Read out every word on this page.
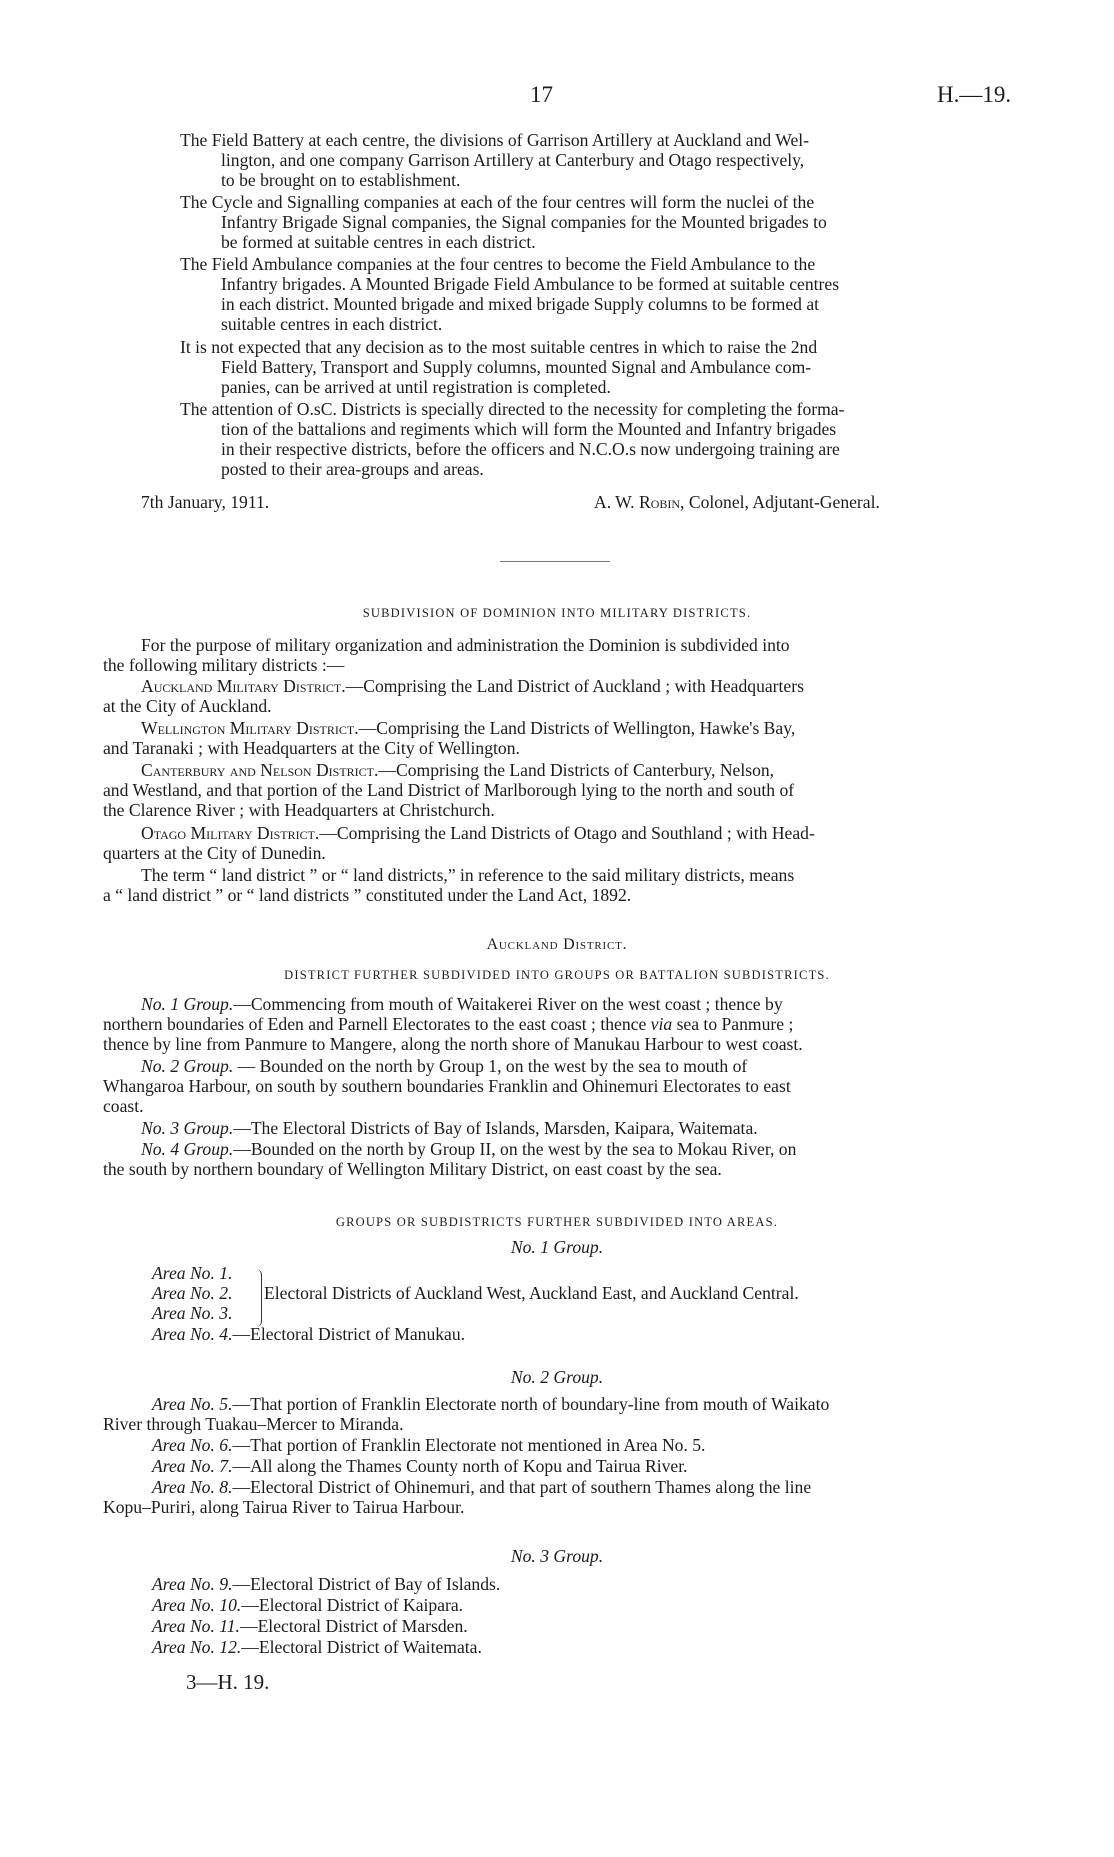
17	H.—19.
The Field Battery at each centre, the divisions of Garrison Artillery at Auckland and Wel-
lington, and one company Garrison Artillery at Canterbury and Otago respectively,
to be brought on to establishment.
The Cycle and Signalling companies at each of the four centres will form the nuclei of the
Infantry Brigade Signal companies, the Signal companies for the Mounted brigades to
be formed at suitable centres in each district.
The Field Ambulance companies at the four centres to become the Field Ambulance to the
Infantry brigades. A Mounted Brigade Field Ambulance to be formed at suitable centres
in each district. Mounted brigade and mixed brigade Supply columns to be formed at
suitable centres in each district.
It is not expected that any decision as to the most suitable centres in which to raise the 2nd
Field Battery, Transport and Supply columns, mounted Signal and Ambulance com-
panies, can be arrived at until registration is completed.
The attention of O.sC. Districts is specially directed to the necessity for completing the forma-
tion of the battalions and regiments which will form the Mounted and Infantry brigades
in their respective districts, before the officers and N.C.O.s now undergoing training are
posted to their area-groups and areas.
7th January, 1911.	A. W. Robin, Colonel, Adjutant-General.
SUBDIVISION OF DOMINION INTO MILITARY DISTRICTS.
For the purpose of military organization and administration the Dominion is subdivided into
the following military districts :—
Auckland Military District.—Comprising the Land District of Auckland ; with Headquarters
at the City of Auckland.
Wellington Military District.—Comprising the Land Districts of Wellington, Hawke's Bay,
and Taranaki ; with Headquarters at the City of Wellington.
Canterbury and Nelson District.—Comprising the Land Districts of Canterbury, Nelson,
and Westland, and that portion of the Land District of Marlborough lying to the north and south of
the Clarence River ; with Headquarters at Christchurch.
Otago Military District.—Comprising the Land Districts of Otago and Southland ; with Head-
quarters at the City of Dunedin.
The term “ land district ” or “ land districts,” in reference to the said military districts, means
a “ land district ” or “ land districts ” constituted under the Land Act, 1892.
Auckland District.
DISTRICT FURTHER SUBDIVIDED INTO GROUPS OR BATTALION SUBDISTRICTS.
No. 1 Group.—Commencing from mouth of Waitakerei River on the west coast ; thence by
northern boundaries of Eden and Parnell Electorates to the east coast ; thence via sea to Panmure ;
thence by line from Panmure to Mangere, along the north shore of Manukau Harbour to west coast.
No. 2 Group. — Bounded on the north by Group 1, on the west by the sea to mouth of
Whangaroa Harbour, on south by southern boundaries Franklin and Ohinemuri Electorates to east
coast.
No. 3 Group.—The Electoral Districts of Bay of Islands, Marsden, Kaipara, Waitemata.
No. 4 Group.—Bounded on the north by Group II, on the west by the sea to Mokau River, on
the south by northern boundary of Wellington Military District, on east coast by the sea.
GROUPS OR SUBDISTRICTS FURTHER SUBDIVIDED INTO AREAS.
No. 1 Group.
Area No. 1.
Area No. 2.
Area No. 3.
Electoral Districts of Auckland West, Auckland East, and Auckland Central.
Area No. 4.—Electoral District of Manukau.
No. 2 Group.
Area No. 5.—That portion of Franklin Electorate north of boundary-line from mouth of Waikato
River through Tuakau–Mercer to Miranda.
Area No. 6.—That portion of Franklin Electorate not mentioned in Area No. 5.
Area No. 7.—All along the Thames County north of Kopu and Tairua River.
Area No. 8.—Electoral District of Ohinemuri, and that part of southern Thames along the line
Kopu–Puriri, along Tairua River to Tairua Harbour.
No. 3 Group.
Area No. 9.—Electoral District of Bay of Islands.
Area No. 10.—Electoral District of Kaipara.
Area No. 11.—Electoral District of Marsden.
Area No. 12.—Electoral District of Waitemata.
3—H. 19.
